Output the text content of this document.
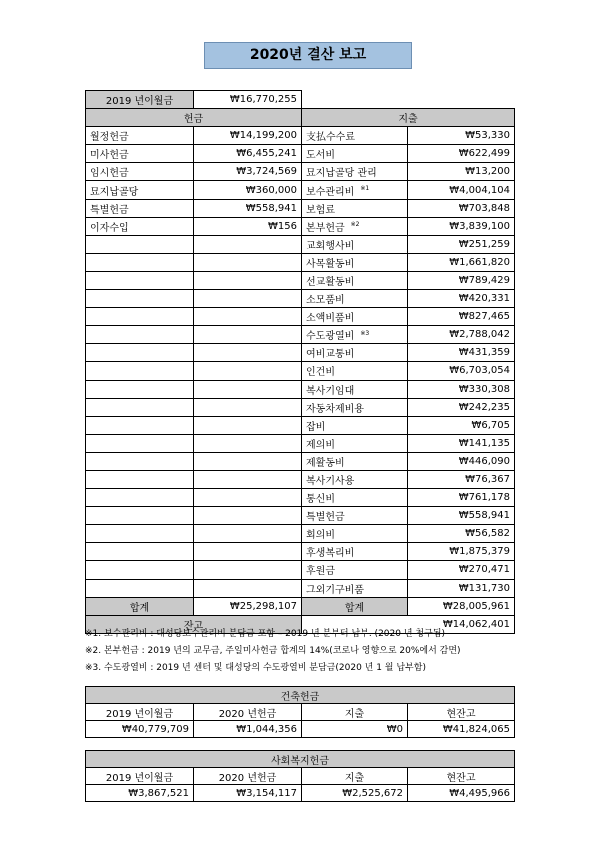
2020년 결산 보고
2019 년이월금	₩16,770,255		
헌금		지출	
월정헌금	₩14,199,200	支払수수료	₩53,330
미사헌금	₩6,455,241	도서비	₩622,499
임시헌금	₩3,724,569	묘지납골당 관리	₩13,200
묘지납골당	₩360,000	보수관리비 $^{※1}$	₩4,004,104
특별헌금	₩558,941	보험료	₩703,848
이자수입	₩156	본부헌금 $^{※2}$	₩3,839,100
		교회행사비	₩251,259
		사목활동비	₩1,661,820
		선교활동비	₩789,429
		소모품비	₩420,331
		소액비품비	₩827,465
		수도광열비 $^{※3}$	₩2,788,042
		여비교통비	₩431,359
		인건비	₩6,703,054
		복사기임대	₩330,308
		자동차제비용	₩242,235
		잡비	₩6,705
		제의비	₩141,135
		제활동비	₩446,090
		복사기사용	₩76,367
		통신비	₩761,178
		특별헌금	₩558,941
		회의비	₩56,582
		후생복리비	₩1,875,379
		후원금	₩270,471
		그외기구비품	₩131,730
합계	₩25,298,107	합계	₩28,005,961
잔고		₩14,062,401	
※1. 보수관리비 : 대성당보수관리비 분담금 포함 – 2019 년 분부터 납부. (2020 년 청구됨)
※2. 본부헌금 : 2019 년의 교무금, 주일미사헌금 합계의 14%(코로나 영향으로 20%에서 감면)
※3. 수도광열비 : 2019 년 센터 및 대성당의 수도광열비 분담금(2020 년 1 월 납부함)
건축헌금			
2019 년이월금	2020 년헌금	지출	현잔고
₩40,779,709	₩1,044,356	₩0	₩41,824,065
사회복지헌금			
2019 년이월금	2020 년헌금	지출	현잔고
₩3,867,521	₩3,154,117	₩2,525,672	₩4,495,966
